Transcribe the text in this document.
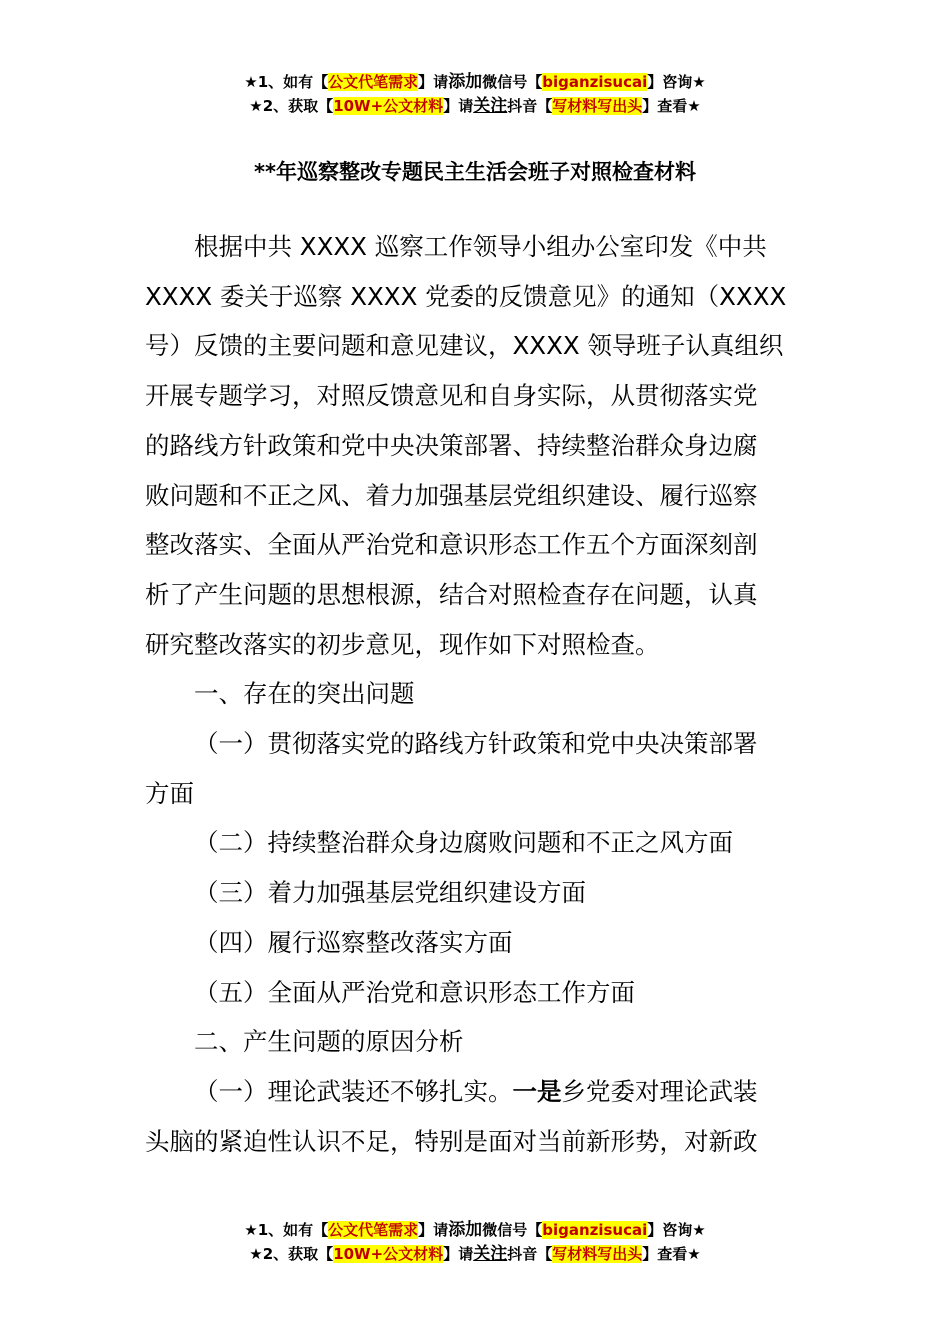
★1、如有【公文代笔需求】请添加微信号【biganzisucai】咨询★
★2、获取【10W+公文材料】请关注抖音【写材料写出头】查看★
**年巡察整改专题民主生活会班子对照检查材料

根据中共 XXXX 巡察工作领导小组办公室印发《中共

XXXX 委关于巡察 XXXX 党委的反馈意见》的通知（XXXX

号）反馈的主要问题和意见建议，XXXX 领导班子认真组织

开展专题学习，对照反馈意见和自身实际，从贯彻落实党

的路线方针政策和党中央决策部署、持续整治群众身边腐

败问题和不正之风、着力加强基层党组织建设、履行巡察

整改落实、全面从严治党和意识形态工作五个方面深刻剖

析了产生问题的思想根源，结合对照检查存在问题，认真

研究整改落实的初步意见，现作如下对照检查。

一、存在的突出问题

（一）贯彻落实党的路线方针政策和党中央决策部署

方面

（二）持续整治群众身边腐败问题和不正之风方面

（三）着力加强基层党组织建设方面

（四）履行巡察整改落实方面

（五）全面从严治党和意识形态工作方面

二、产生问题的原因分析

（一）理论武装还不够扎实。一是乡党委对理论武装

头脑的紧迫性认识不足，特别是面对当前新形势，对新政

★1、如有【公文代笔需求】请添加微信号【biganzisucai】咨询★
★2、获取【10W+公文材料】请关注抖音【写材料写出头】查看★
